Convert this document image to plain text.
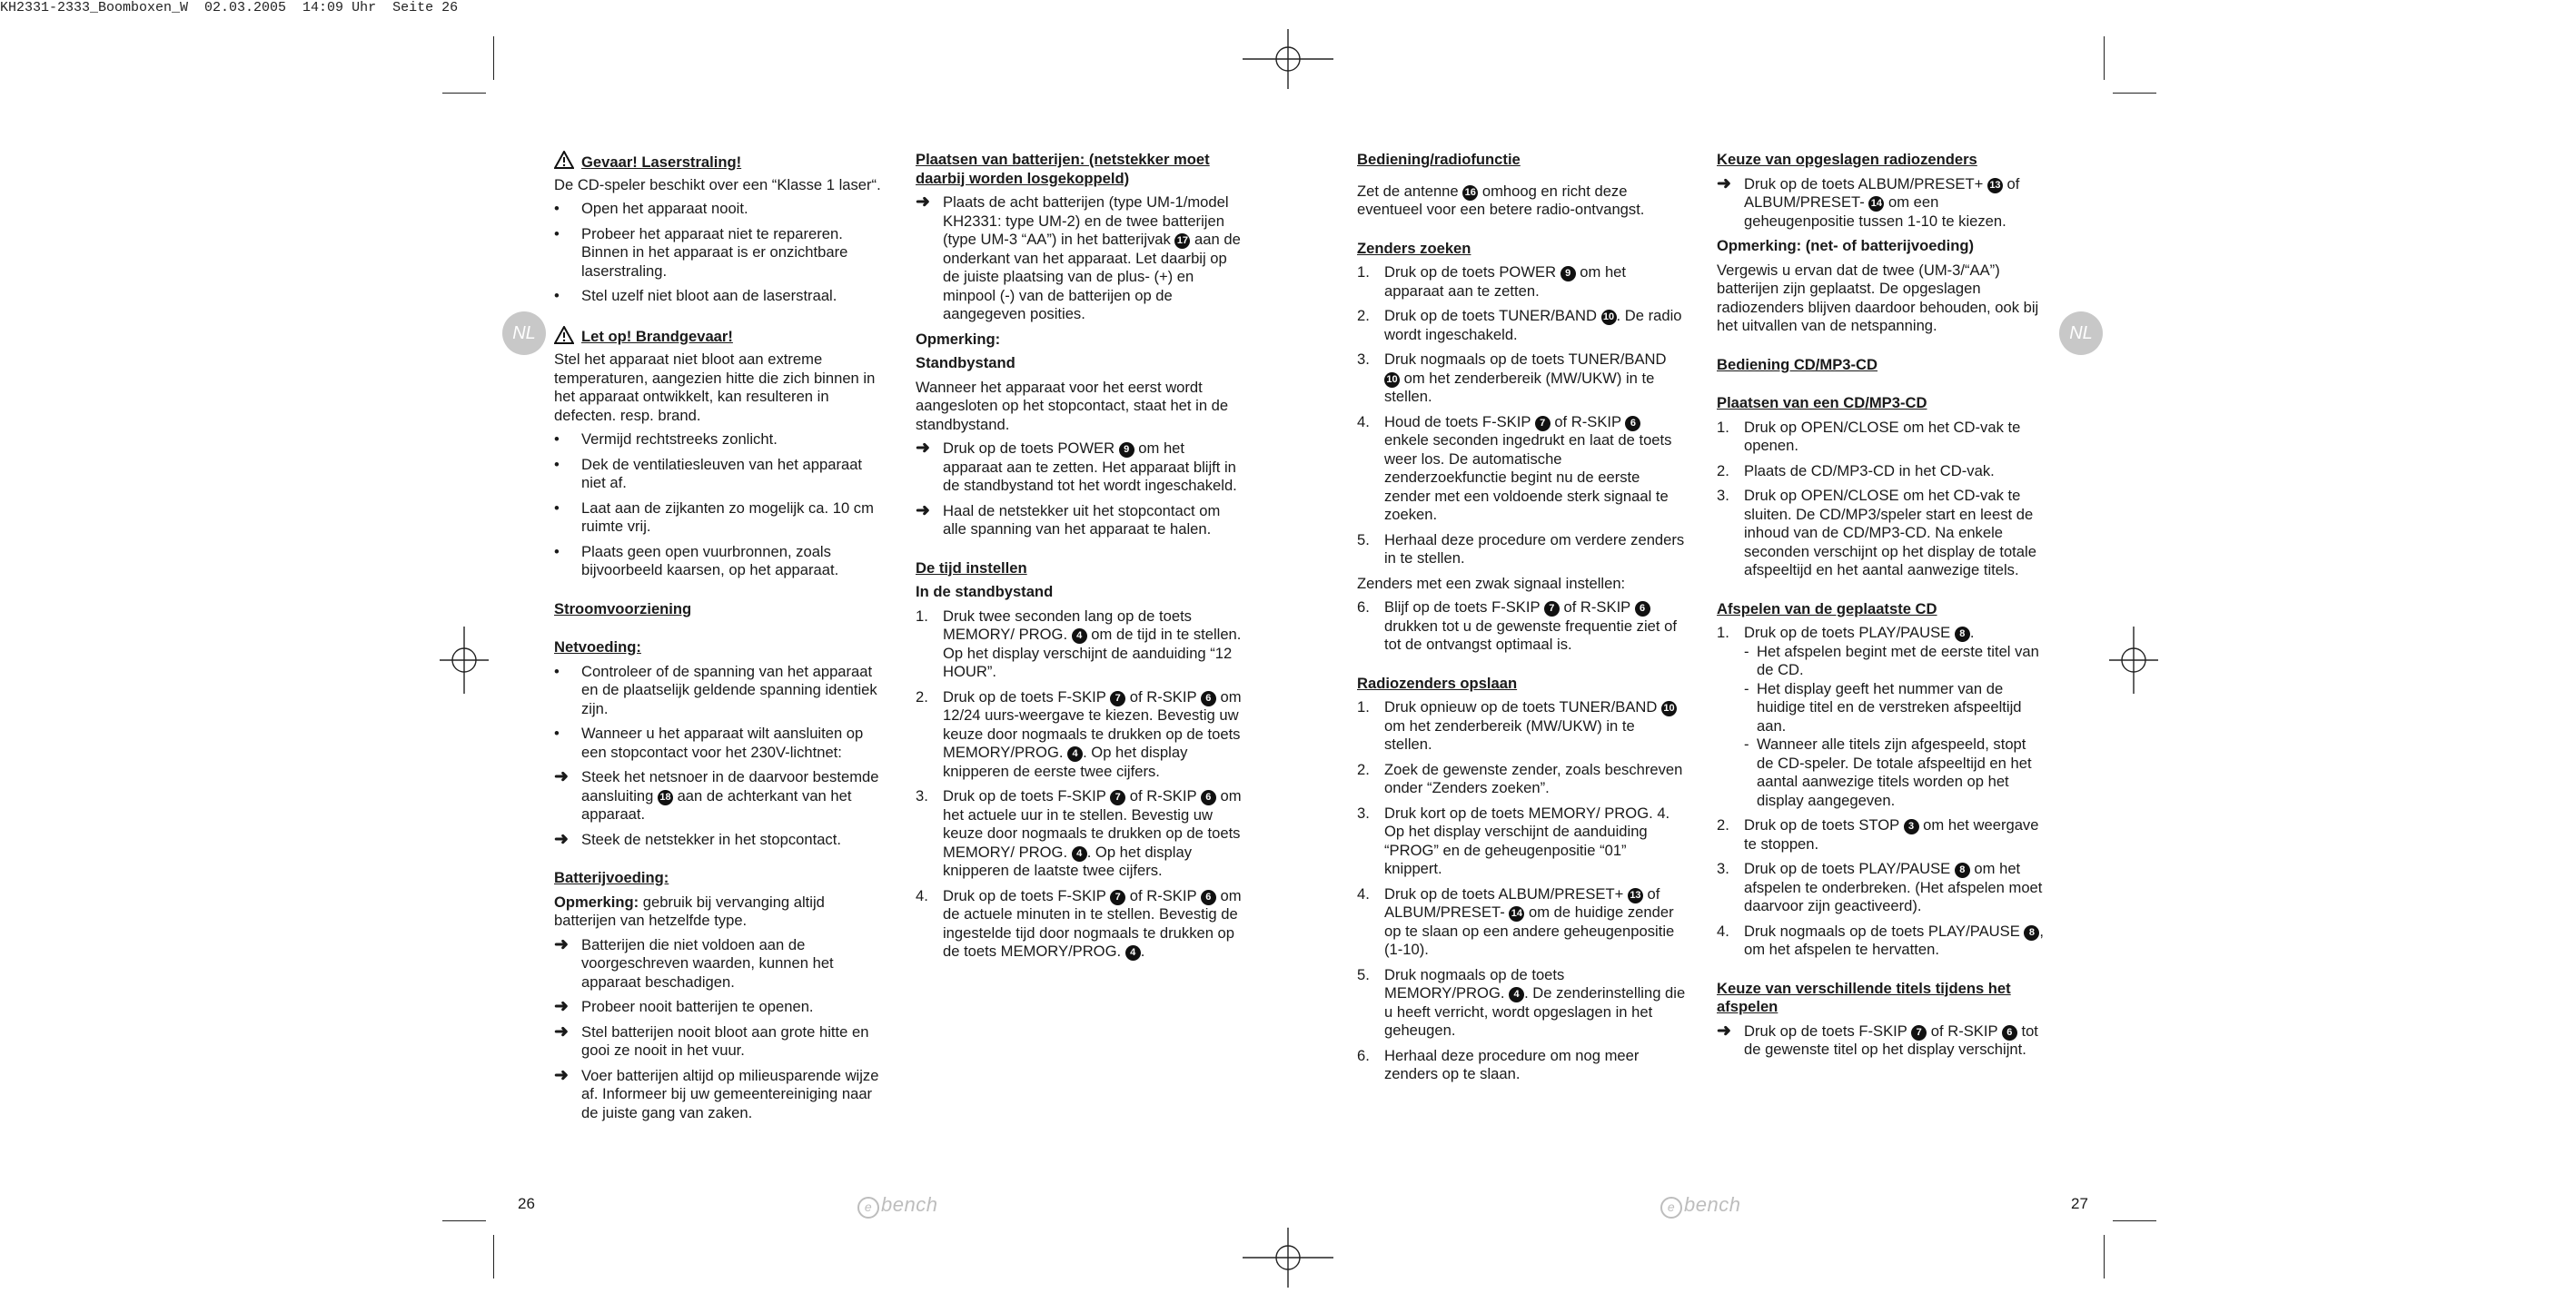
KH2331-2333_Boomboxen_W  02.03.2005  14:09 Uhr  Seite 26
NL	NL
Gevaar! Laserstraling!

De CD-speler beschikt over een “Klasse 1 laser“.

•	Open het apparaat nooit.
•	Probeer het apparaat niet te repareren. Binnen in het apparaat is er onzichtbare laserstraling.
•	Stel uzelf niet bloot aan de laserstraal.
Let op! Brandgevaar!

Stel het apparaat niet bloot aan extreme temperaturen, aangezien hitte die zich binnen in het apparaat ontwikkelt, kan resulteren in defecten. resp. brand.

•	Vermijd rechtstreeks zonlicht.
•	Dek de ventilatiesleuven van het apparaat niet af.
•	Laat aan de zijkanten zo mogelijk ca. 10 cm ruimte vrij.
•	Plaats geen open vuurbronnen, zoals bijvoorbeeld kaarsen, op het apparaat.
Stroomvoorziening
Netvoeding:
•	Controleer of de spanning van het apparaat en de plaatselijk geldende spanning identiek zijn.
•	Wanneer u het apparaat wilt aansluiten op een stopcontact voor het 230V-lichtnet:
➜ Steek het netsnoer in de daarvoor bestemde aansluiting 18 aan de achterkant van het apparaat.
➜ Steek de netstekker in het stopcontact.
Batterijvoeding:

Opmerking: gebruik bij vervanging altijd batterijen van hetzelfde type.

➜ Batterijen die niet voldoen aan de voorgeschreven waarden, kunnen het apparaat beschadigen.
➜ Probeer nooit batterijen te openen.
➜ Stel batterijen nooit bloot aan grote hitte en gooi ze nooit in het vuur.
➜ Voer batterijen altijd op milieusparende wijze af. Informeer bij uw gemeentereiniging naar de juiste gang van zaken.
Plaatsen van batterijen: (netstekker moet daarbij worden losgekoppeld)
➜ Plaats de acht batterijen (type UM-1/model KH2331: type UM-2) en de twee batterijen (type UM-3 “AA”) in het batterijvak 17 aan de onderkant van het apparaat. Let daarbij op de juiste plaatsing van de plus- (+) en minpool (-) van de batterijen op de aangegeven posities.
Opmerking:
Standbystand

Wanneer het apparaat voor het eerst wordt aangesloten op het stopcontact, staat het in de standbystand.

➜ Druk op de toets POWER 9 om het apparaat aan te zetten. Het apparaat blijft in de standbystand tot het wordt ingeschakeld.
➜ Haal de netstekker uit het stopcontact om alle spanning van het apparaat te halen.
De tijd instellen
In de standbystand
1. Druk twee seconden lang op de toets MEMORY/ PROG. 4 om de tijd in te stellen. Op het display verschijnt de aanduiding “12 HOUR”.
2. Druk op de toets F-SKIP 7 of R-SKIP 6 om 12/24 uurs-weergave te kiezen. Bevestig uw keuze door nogmaals te drukken op de toets MEMORY/PROG. 4 . Op het display knipperen de eerste twee cijfers.
3. Druk op de toets F-SKIP 7 of R-SKIP 6 om het actuele uur in te stellen. Bevestig uw keuze door nogmaals te drukken op de toets MEMORY/ PROG. 4 . Op het display knipperen de laatste twee cijfers.
4. Druk op de toets F-SKIP 7 of R-SKIP 6 om de actuele minuten in te stellen. Bevestig de ingestelde tijd door nogmaals te drukken op de toets MEMORY/PROG. 4 .
Bediening/radiofunctie

Zet de antenne 16 omhoog en richt deze eventueel voor een betere radio-ontvangst.

Zenders zoeken
1. Druk op de toets POWER 9 om het apparaat aan te zetten.
2. Druk op de toets TUNER/BAND 10 . De radio wordt ingeschakeld.
3. Druk nogmaals op de toets TUNER/BAND 10 om het zenderbereik (MW/UKW) in te stellen.
4. Houd de toets F-SKIP 7 of R-SKIP 6 enkele seconden ingedrukt en laat de toets weer los. De automatische zenderzoekfunctie begint nu de eerste zender met een voldoende sterk signaal te zoeken.
5. Herhaal deze procedure om verdere zenders in te stellen.

Zenders met een zwak signaal instellen:

6. Blijf op de toets F-SKIP 7 of R-SKIP 6 drukken tot u de gewenste frequentie ziet of tot de ontvangst optimaal is.
Radiozenders opslaan
1. Druk opnieuw op de toets TUNER/BAND 10 om het zenderbereik (MW/UKW) in te stellen.
2. Zoek de gewenste zender, zoals beschreven onder “Zenders zoeken”.
3. Druk kort op de toets MEMORY/ PROG. 4. Op het display verschijnt de aanduiding “PROG” en de geheugenpositie “01” knippert.
4. Druk op de toets ALBUM/PRESET+ 13 of ALBUM/PRESET- 14 om de huidige zender op te slaan op een andere geheugenpositie (1-10).
5. Druk nogmaals op de toets MEMORY/PROG. 4 . De zenderinstelling die u heeft verricht, wordt opgeslagen in het geheugen.
6. Herhaal deze procedure om nog meer zenders op te slaan.
Keuze van opgeslagen radiozenders
➜ Druk op de toets ALBUM/PRESET+ 13 of ALBUM/PRESET- 14 om een geheugenpositie tussen 1-10 te kiezen.
Opmerking: (net- of batterijvoeding)

Vergewis u ervan dat de twee (UM-3/“AA”) batterijen zijn geplaatst. De opgeslagen radiozenders blijven daardoor behouden, ook bij het uitvallen van de netspanning.

Bediening CD/MP3-CD
Plaatsen van een CD/MP3-CD
1. Druk op OPEN/CLOSE om het CD-vak te openen.
2. Plaats de CD/MP3-CD in het CD-vak.
3. Druk op OPEN/CLOSE om het CD-vak te sluiten. De CD/MP3/speler start en leest de inhoud van de CD/MP3-CD. Na enkele seconden verschijnt op het display de totale afspeeltijd en het aantal aanwezige titels.
Afspelen van de geplaatste CD
1. Druk op de toets PLAY/PAUSE 8 .
- Het afspelen begint met de eerste titel van de CD.
- Het display geeft het nummer van de huidige titel en de verstreken afspeeltijd aan.
- Wanneer alle titels zijn afgespeeld, stopt de CD-speler. De totale afspeeltijd en het aantal aanwezige titels worden op het display aangegeven.
2. Druk op de toets STOP 3 om het weergave te stoppen.
3. Druk op de toets PLAY/PAUSE 8 om het afspelen te onderbreken. (Het afspelen moet daarvoor zijn geactiveerd).
4. Druk nogmaals op de toets PLAY/PAUSE 8 , om het afspelen te hervatten.
Keuze van verschillende titels tijdens het afspelen
➜ Druk op de toets F-SKIP 7 of R-SKIP 6 tot de gewenste titel op het display verschijnt.
26	27
e bench	e bench
